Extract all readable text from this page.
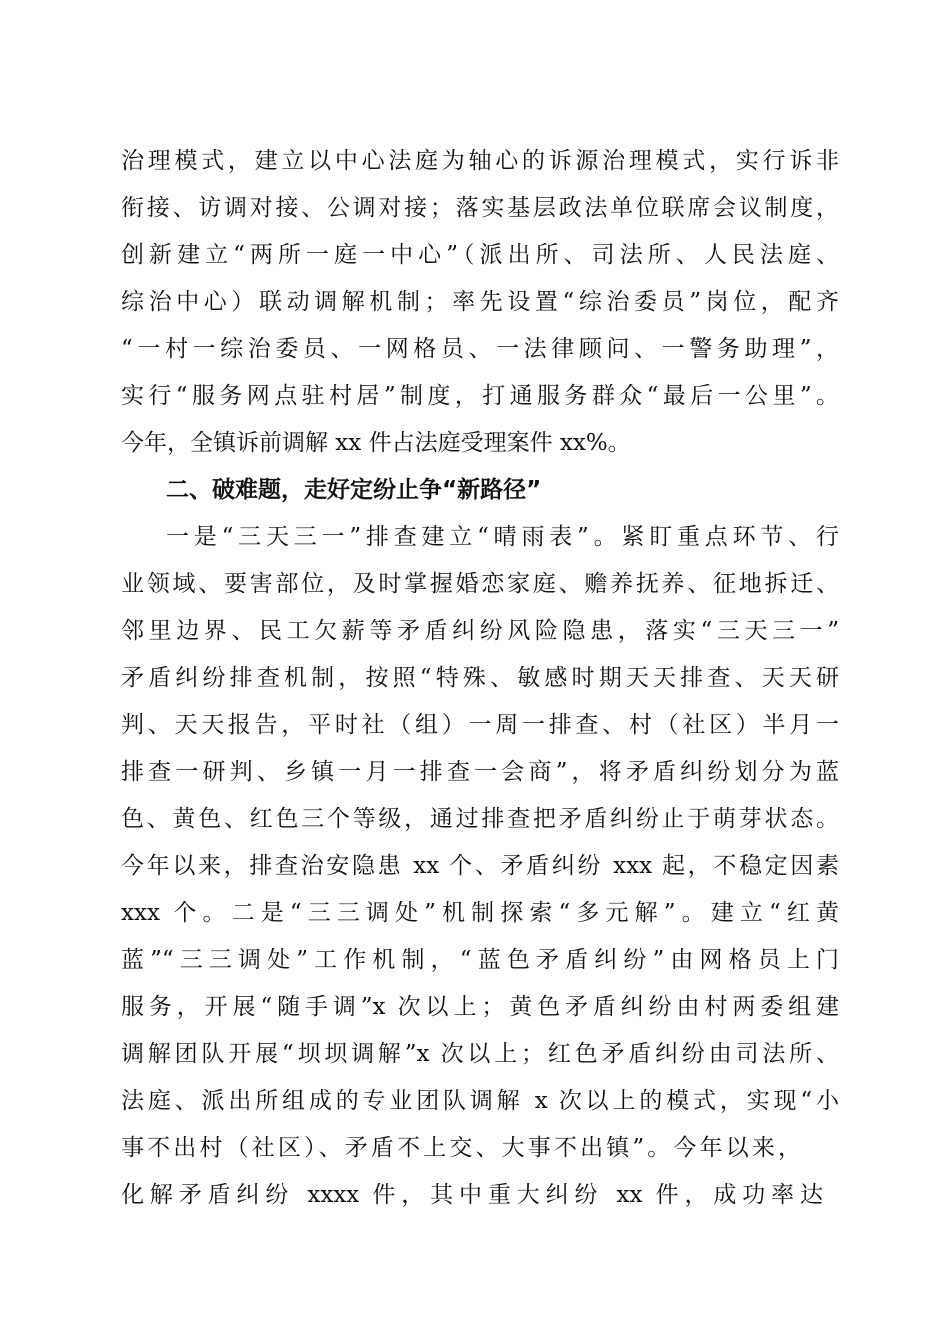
治理模式，建立以中心法庭为轴心的诉源治理模式，实行诉非
衔接、访调对接、公调对接；落实基层政法单位联席会议制度，
创新建立“两所一庭一中心”（派出所、司法所、人民法庭、
综治中心）联动调解机制；率先设置“综治委员”岗位，配齐
“一村一综治委员、一网格员、一法律顾问、一警务助理”，
实行“服务网点驻村居”制度，打通服务群众“最后一公里”。
今年，全镇诉前调解 xx 件占法庭受理案件 xx%。
二、破难题，走好定纷止争“新路径”
一是“三天三一”排查建立“晴雨表”。紧盯重点环节、行
业领域、要害部位，及时掌握婚恋家庭、赡养抚养、征地拆迁、
邻里边界、民工欠薪等矛盾纠纷风险隐患，落实“三天三一”
矛盾纠纷排查机制，按照“特殊、敏感时期天天排查、天天研
判、天天报告，平时社（组）一周一排查、村（社区）半月一
排查一研判、乡镇一月一排查一会商”，将矛盾纠纷划分为蓝
色、黄色、红色三个等级，通过排查把矛盾纠纷止于萌芽状态。
今年以来，排查治安隐患 xx 个、矛盾纠纷 xxx 起，不稳定因素
xxx 个。二是“三三调处”机制探索“多元解”。建立“红黄
蓝”“三三调处”工作机制，“蓝色矛盾纠纷”由网格员上门
服务，开展“随手调”x 次以上；黄色矛盾纠纷由村两委组建
调解团队开展“坝坝调解”x 次以上；红色矛盾纠纷由司法所、
法庭、派出所组成的专业团队调解 x 次以上的模式，实现“小
事不出村（社区）、矛盾不上交、大事不出镇”。今年以来，
化解矛盾纠纷 xxxx 件，其中重大纠纷 xx 件，成功率达
